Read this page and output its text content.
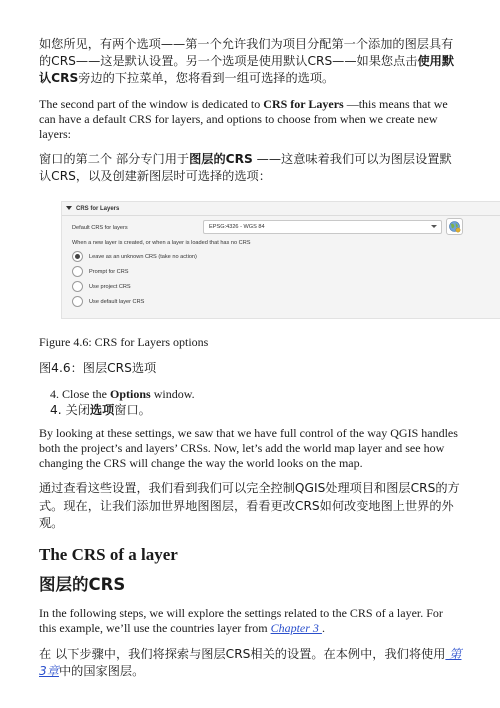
如您所见，有两个选项——第一个允许我们为项目分配第一个添加的图层具有的CRS——这是默认设置。另一个选项是使用默认CRS——如果您点击使用默认CRS旁边的下拉菜单，您将看到一组可选择的选项。

The second part of the window is dedicated to CRS for Layers —this means that we can have a default CRS for layers, and options to choose from when we create new layers:

窗口的第二个 部分专门用于图层的CRS ——这意味着我们可以为图层设置默认CRS，以及创建新图层时可选择的选项：

CRS for Layers
Default CRS for layers	EPSG:4326 - WGS 84
When a new layer is created, or when a layer is loaded that has no CRS
Leave as an unknown CRS (take no action)
Prompt for CRS
Use project CRS
Use default layer CRS

Figure 4.6: CRS for Layers options

图4.6：图层CRS选项

4. Close the Options window.

4. 关闭选项窗口。

By looking at these settings, we saw that we have full control of the way QGIS handles both the project’s and layers’ CRSs. Now, let’s add the world map layer and see how changing the CRS will change the way the world looks on the map.

通过查看这些设置，我们看到我们可以完全控制QGIS处理项目和图层CRS的方式。现在，让我们添加世界地图图层，看看更改CRS如何改变地图上世界的外观。

The CRS of a layer
图层的CRS

In the following steps, we will explore the settings related to the CRS of a layer. For this example, we’ll use the countries layer from Chapter 3 .

在 以下步骤中，我们将探索与图层CRS相关的设置。在本例中，我们将使用 第3章中的国家图层。
